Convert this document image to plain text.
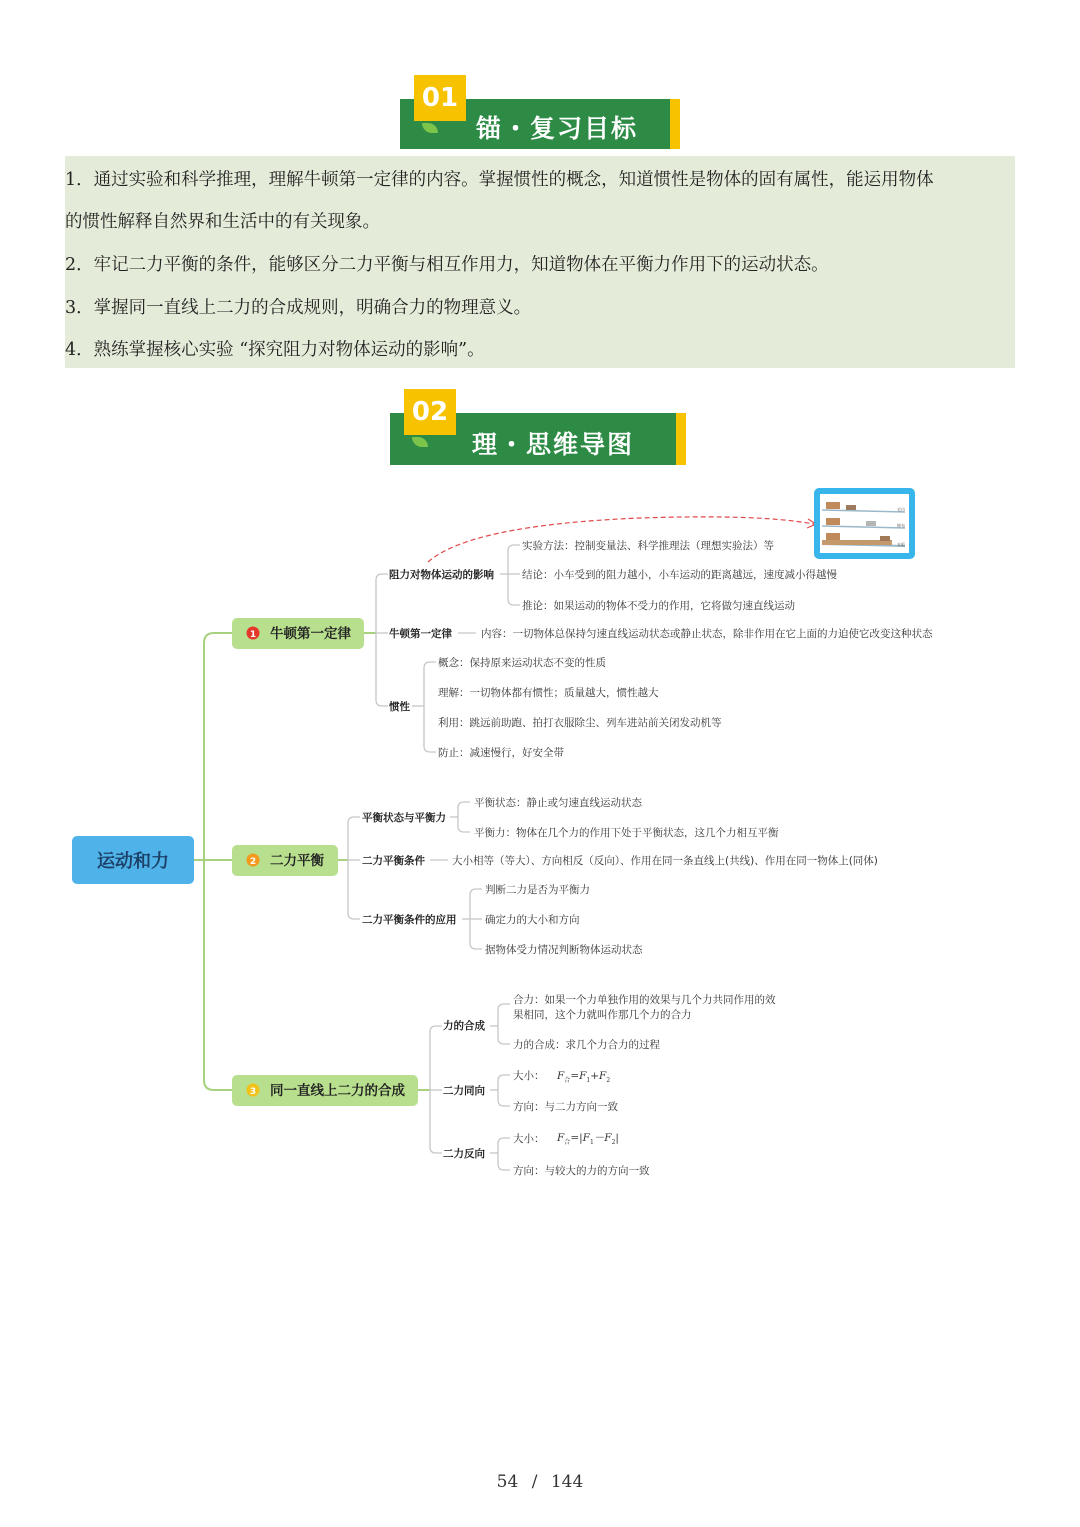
01
锚・复习目标
1．通过实验和科学推理，理解牛顿第一定律的内容。掌握惯性的概念，知道惯性是物体的固有属性，能运用物体
的惯性解释自然界和生活中的有关现象。
2．牢记二力平衡的条件，能够区分二力平衡与相互作用力，知道物体在平衡力作用下的运动状态。
3．掌握同一直线上二力的合成规则，明确合力的物理意义。
4．熟练掌握核心实验 “探究阻力对物体运动的影响”。
02
理・思维导图
运动和力
1 牛顿第一定律
2 二力平衡
3 同一直线上二力的合成
阻力对物体运动的影响
牛顿第一定律
惯性
实验方法：控制变量法、科学推理法（理想实验法）等
结论：小车受到的阻力越小，小车运动的距离越远，速度减小得越慢
推论：如果运动的物体不受力的作用，它将做匀速直线运动
内容：一切物体总保持匀速直线运动状态或静止状态，除非作用在它上面的力迫使它改变这种状态
概念：保持原来运动状态不变的性质
理解：一切物体都有惯性；质量越大，惯性越大
利用：跳远前助跑、拍打衣服除尘、列车进站前关闭发动机等
防止：减速慢行，好安全带
毛巾
棉布
木板
平衡状态与平衡力
二力平衡条件
二力平衡条件的应用
平衡状态：静止或匀速直线运动状态
平衡力：物体在几个力的作用下处于平衡状态，这几个力相互平衡
大小相等（等大）、方向相反（反向）、作用在同一条直线上(共线)、作用在同一物体上(同体)
判断二力是否为平衡力
确定力的大小和方向
据物体受力情况判断物体运动状态
力的合成
二力同向
二力反向
合力：如果一个力单独作用的效果与几个力共同作用的效
果相同，这个力就叫作那几个力的合力
力的合成：求几个力合力的过程
大小：
方向：与二力方向一致
$F_合=F_1+F_2$
大小：
方向：与较大的力的方向一致
$F_合=|F_1-F_2|$
54 / 144
